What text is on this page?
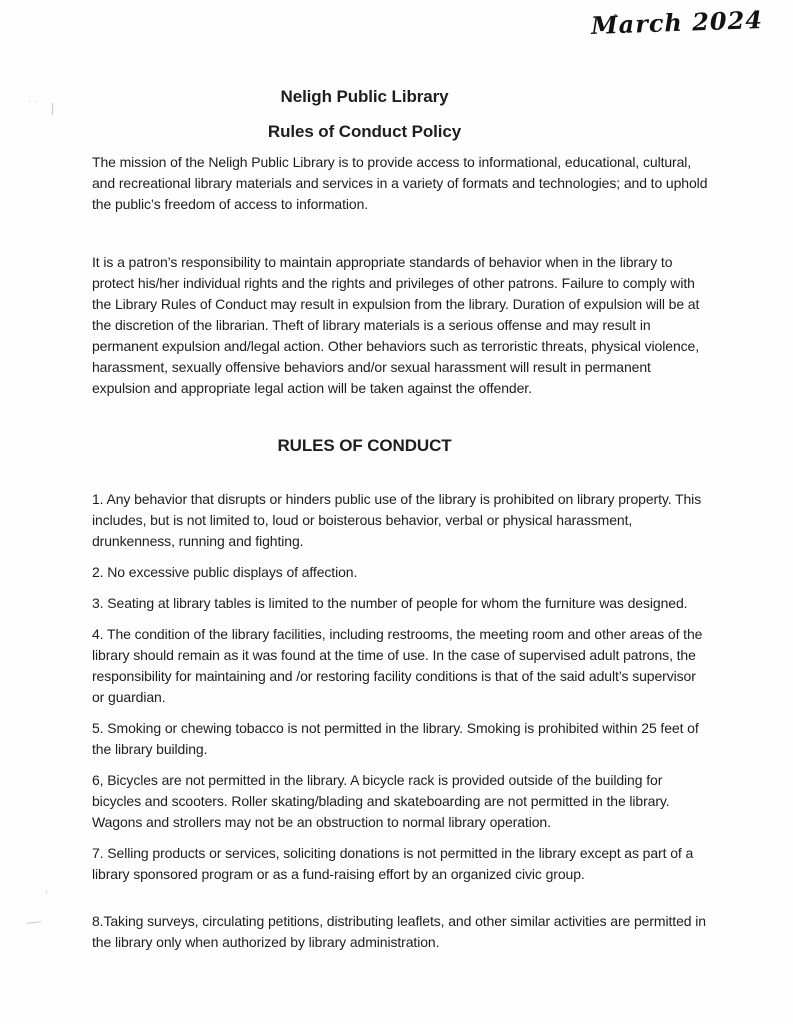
March 2024
··
’
Neligh Public Library
Rules of Conduct Policy

The mission of the Neligh Public Library is to provide access to informational, educational, cultural, and recreational library materials and services in a variety of formats and technologies; and to uphold the public’s freedom of access to information.

It is a patron’s responsibility to maintain appropriate standards of behavior when in the library to protect his/her individual rights and the rights and privileges of other patrons. Failure to comply with the Library Rules of Conduct may result in expulsion from the library. Duration of expulsion will be at the discretion of the librarian. Theft of library materials is a serious offense and may result in permanent expulsion and/legal action. Other behaviors such as terroristic threats, physical violence, harassment, sexually offensive behaviors and/or sexual harassment will result in permanent expulsion and appropriate legal action will be taken against the offender.

RULES OF CONDUCT

1. Any behavior that disrupts or hinders public use of the library is prohibited on library property. This includes, but is not limited to, loud or boisterous behavior, verbal or physical harassment, drunkenness, running and fighting.

2. No excessive public displays of affection.

3. Seating at library tables is limited to the number of people for whom the furniture was designed.

4. The condition of the library facilities, including restrooms, the meeting room and other areas of the library should remain as it was found at the time of use. In the case of supervised adult patrons, the responsibility for maintaining and /or restoring facility conditions is that of the said adult’s supervisor or guardian.

5. Smoking or chewing tobacco is not permitted in the library. Smoking is prohibited within 25 feet of the library building.

6, Bicycles are not permitted in the library. A bicycle rack is provided outside of the building for bicycles and scooters. Roller skating/blading and skateboarding are not permitted in the library. Wagons and strollers may not be an obstruction to normal library operation.

7. Selling products or services, soliciting donations is not permitted in the library except as part of a library sponsored program or as a fund-raising effort by an organized civic group.

8.Taking surveys, circulating petitions, distributing leaflets, and other similar activities are permitted in the library only when authorized by library administration.
